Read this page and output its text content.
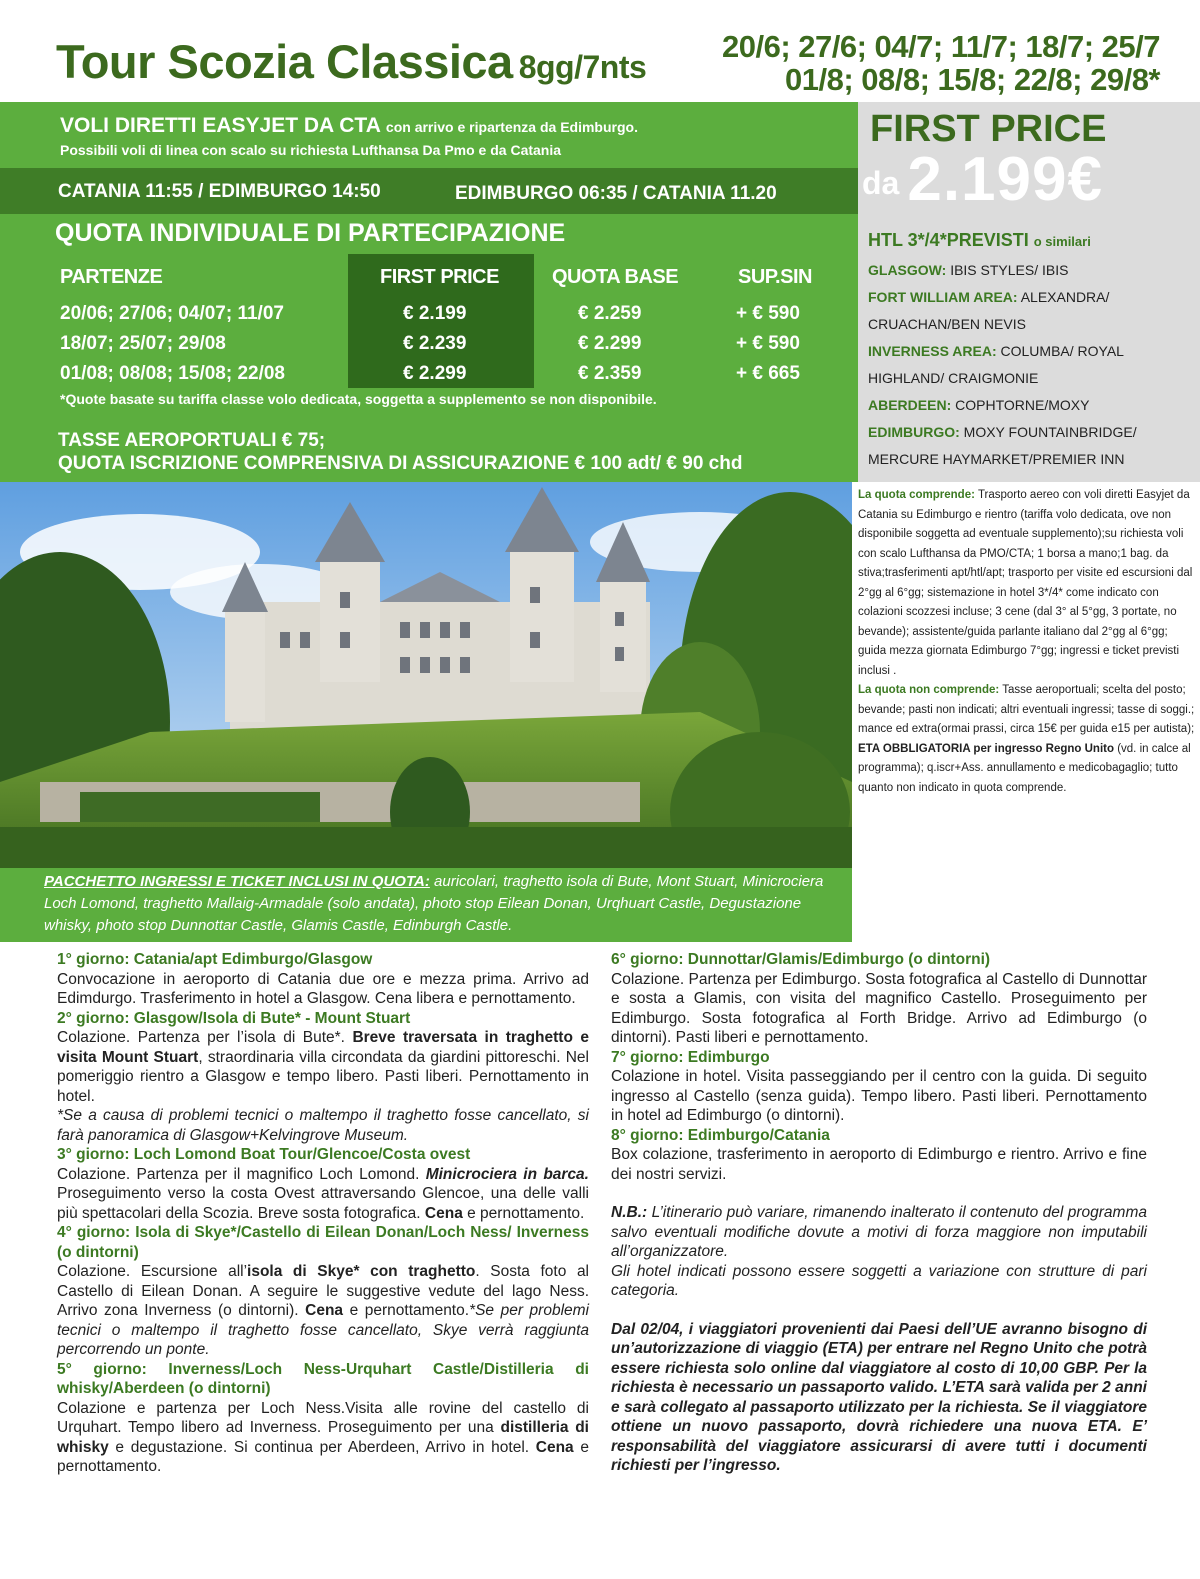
Tour Scozia Classica 8gg/7nts
20/6; 27/6; 04/7; 11/7; 18/7; 25/7
01/8; 08/8; 15/8; 22/8; 29/8*
VOLI DIRETTI EASYJET DA CTA con arrivo e ripartenza da Edimburgo.
Possibili voli di linea con scalo su richiesta Lufthansa Da Pmo e da Catania
CATANIA 11:55 / EDIMBURGO 14:50	EDIMBURGO 06:35 / CATANIA 11.20
QUOTA INDIVIDUALE DI PARTECIPAZIONE
PARTENZE	FIRST PRICE	QUOTA BASE	SUP.SIN
20/06; 27/06; 04/07; 11/07	€ 2.199	€ 2.259	+ € 590
18/07; 25/07; 29/08	€ 2.239	€ 2.299	+ € 590
01/08; 08/08; 15/08; 22/08	€ 2.299	€ 2.359	+ € 665
*Quote basate su tariffa classe volo dedicata, soggetta a supplemento se non disponibile.
TASSE AEROPORTUALI € 75;
QUOTA ISCRIZIONE COMPRENSIVA DI ASSICURAZIONE € 100 adt/ € 90 chd
FIRST PRICE
da 2.199€
HTL 3*/4*PREVISTI o similari
GLASGOW: IBIS STYLES/ IBIS
FORT WILLIAM AREA: ALEXANDRA/ CRUACHAN/BEN NEVIS
INVERNESS AREA: COLUMBA/ ROYAL HIGHLAND/ CRAIGMONIE
ABERDEEN: COPHTORNE/MOXY
EDIMBURGO: MOXY FOUNTAINBRIDGE/ MERCURE HAYMARKET/PREMIER INN
PACCHETTO INGRESSI E TICKET INCLUSI IN QUOTA: auricolari, traghetto isola di Bute, Mont Stuart, Minicrociera Loch Lomond, traghetto Mallaig-Armadale (solo andata), photo stop Eilean Donan, Urqhuart Castle, Degustazione whisky, photo stop Dunnottar Castle, Glamis Castle, Edinburgh Castle.

La quota comprende: Trasporto aereo con voli diretti Easyjet da Catania su Edimburgo e rientro (tariffa volo dedicata, ove non disponibile soggetta ad eventuale supplemento);su richiesta voli con scalo Lufthansa da PMO/CTA; 1 borsa a mano;1 bag. da stiva;trasferimenti apt/htl/apt; trasporto per visite ed escursioni dal 2°gg al 6°gg; sistemazione in hotel 3*/4* come indicato con colazioni scozzesi incluse; 3 cene (dal 3° al 5°gg, 3 portate, no bevande); assistente/guida parlante italiano dal 2°gg al 6°gg; guida mezza giornata Edimburgo 7°gg; ingressi e ticket previsti inclusi .

La quota non comprende: Tasse aeroportuali; scelta del posto; bevande; pasti non indicati; altri eventuali ingressi; tasse di soggi.; mance ed extra(ormai prassi, circa 15€ per guida e15 per autista); ETA OBBLIGATORIA per ingresso Regno Unito (vd. in calce al programma); q.iscr+Ass. annullamento e medicobagaglio; tutto quanto non indicato in quota comprende.

1° giorno: Catania/apt Edimburgo/Glasgow

Convocazione in aeroporto di Catania due ore e mezza prima. Arrivo ad Edimdurgo. Trasferimento in hotel a Glasgow. Cena libera e pernottamento.

2° giorno: Glasgow/Isola di Bute* - Mount Stuart

Colazione. Partenza per l’isola di Bute*. Breve traversata in traghetto e visita Mount Stuart, straordinaria villa circondata da giardini pittoreschi. Nel pomeriggio rientro a Glasgow e tempo libero. Pasti liberi. Pernottamento in hotel.

*Se a causa di problemi tecnici o maltempo il traghetto fosse cancellato, si farà panoramica di Glasgow+Kelvingrove Museum.

3° giorno: Loch Lomond Boat Tour/Glencoe/Costa ovest

Colazione. Partenza per il magnifico Loch Lomond. Minicrociera in barca. Proseguimento verso la costa Ovest attraversando Glencoe, una delle valli più spettacolari della Scozia. Breve sosta fotografica. Cena e pernottamento.

4° giorno: Isola di Skye*/Castello di Eilean Donan/Loch Ness/ Inverness (o dintorni)

Colazione. Escursione all’isola di Skye* con traghetto. Sosta foto al Castello di Eilean Donan. A seguire le suggestive vedute del lago Ness. Arrivo zona Inverness (o dintorni). Cena e pernottamento.*Se per problemi tecnici o maltempo il traghetto fosse cancellato, Skye verrà raggiunta percorrendo un ponte.

5° giorno: Inverness/Loch Ness-Urquhart Castle/Distilleria di whisky/Aberdeen (o dintorni)

Colazione e partenza per Loch Ness.Visita alle rovine del castello di Urquhart. Tempo libero ad Inverness. Proseguimento per una distilleria di whisky e degustazione. Si continua per Aberdeen, Arrivo in hotel. Cena e pernottamento.

6° giorno: Dunnottar/Glamis/Edimburgo (o dintorni)

Colazione. Partenza per Edimburgo. Sosta fotografica al Castello di Dunnottar e sosta a Glamis, con visita del magnifico Castello. Proseguimento per Edimburgo. Sosta fotografica al Forth Bridge. Arrivo ad Edimburgo (o dintorni). Pasti liberi e pernottamento.

7° giorno: Edimburgo

Colazione in hotel. Visita passeggiando per il centro con la guida. Di seguito ingresso al Castello (senza guida). Tempo libero. Pasti liberi. Pernottamento in hotel ad Edimburgo (o dintorni).

8° giorno: Edimburgo/Catania

Box colazione, trasferimento in aeroporto di Edimburgo e rientro. Arrivo e fine dei nostri servizi.

N.B.: L’itinerario può variare, rimanendo inalterato il contenuto del programma salvo eventuali modifiche dovute a motivi di forza maggiore non imputabili all’organizzatore.

Gli hotel indicati possono essere soggetti a variazione con strutture di pari categoria.

Dal 02/04, i viaggiatori provenienti dai Paesi dell’UE avranno bisogno di un’autorizzazione di viaggio (ETA) per entrare nel Regno Unito che potrà essere richiesta solo online dal viaggiatore al costo di 10,00 GBP. Per la richiesta è necessario un passaporto valido. L’ETA sarà valida per 2 anni e sarà collegato al passaporto utilizzato per la richiesta. Se il viaggiatore ottiene un nuovo passaporto, dovrà richiedere una nuova ETA. E’ responsabilità del viaggiatore assicurarsi di avere tutti i documenti richiesti per l’ingresso.
